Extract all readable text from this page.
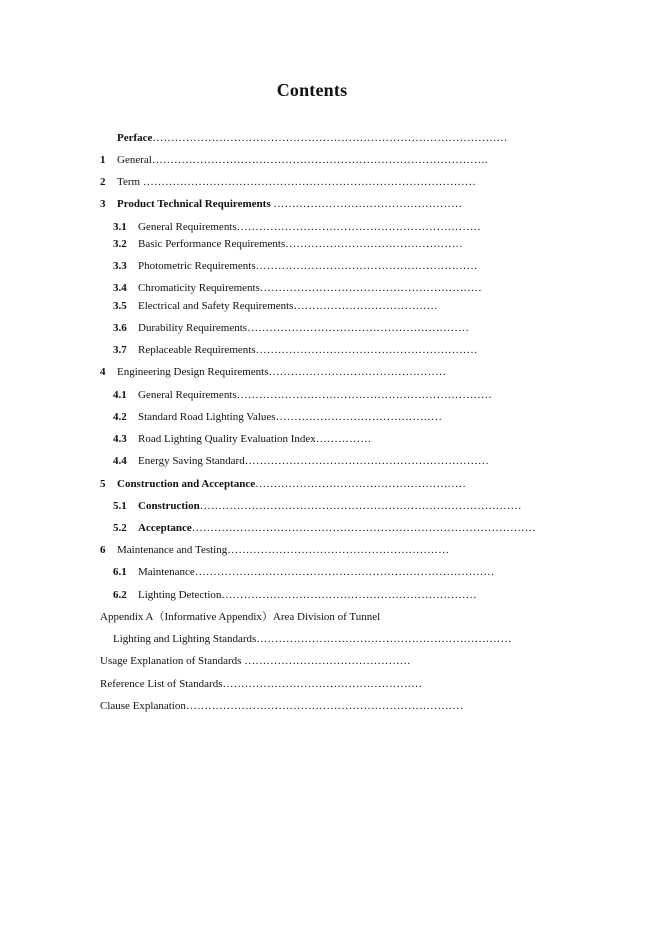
Contents
Perface……………………………………………………………………………………
1 General……………………………………………………………………………….
2 Term ………………………………………………………………………………
3 Product Technical Requirements ……………………………………………
3.1 General Requirements…………………………………………………………
3.2 Basic Performance Requirements…………………………………………
3.3 Photometric Requirements……………………………………………………
3.4 Chromaticity Requirements……………………………………………………
3.5 Electrical and Safety Requirements…………………………………
3.6 Durability Requirements……………………………………………………
3.7 Replaceable Requirements……………………………………………………
4 Engineering Design Requirements…………………………………………
4.1 General Requirements……………………………………………………………
4.2 Standard Road Lighting Values………………………………………
4.3 Road Lighting Quality Evaluation Index……………
4.4 Energy Saving Standard…………………………………………………………
5 Construction and Acceptance…………………………………………………
5.1 Construction……………………………………………………………………………
5.2 Acceptance…………………………………………………………………………………
6 Maintenance and Testing……………………………………………………
6.1 Maintenance………………………………………………………………………
6.2 Lighting Detection……………………………………………………………
Appendix A（Informative Appendix）Area Division of Tunnel
Lighting and Lighting Standards……………………………………………………………
Usage Explanation of Standards ………………………………………
Reference List of Standards………………………………………………
Clause Explanation…………………………………………………………………
